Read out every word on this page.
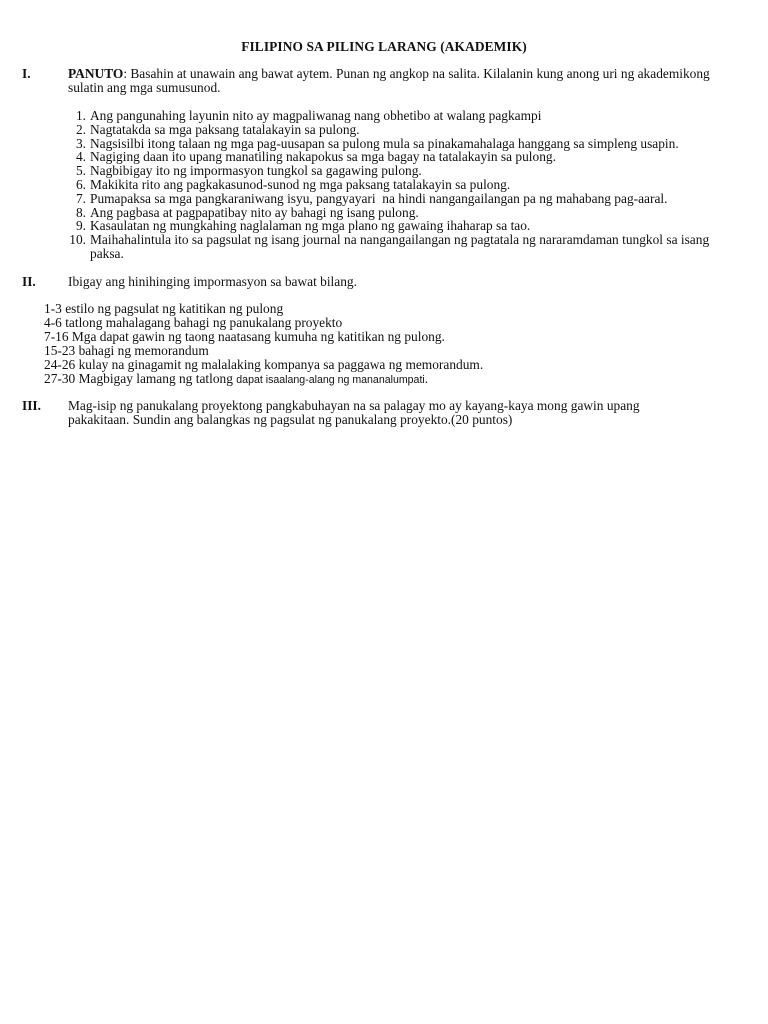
FILIPINO SA PILING LARANG (AKADEMIK)
I.	PANUTO: Basahin at unawain ang bawat aytem. Punan ng angkop na salita. Kilalanin kung anong uri ng akademikong sulatin ang mga sumusunod.
1. Ang pangunahing layunin nito ay magpaliwanag nang obhetibo at walang pagkampi
2. Nagtatakda sa mga paksang tatalakayin sa pulong.
3. Nagsisilbi itong talaan ng mga pag-uusapan sa pulong mula sa pinakamahalaga hanggang sa simpleng usapin.
4. Nagiging daan ito upang manatiling nakapokus sa mga bagay na tatalakayin sa pulong.
5. Nagbibigay ito ng impormasyon tungkol sa gagawing pulong.
6. Makikita rito ang pagkakasunod-sunod ng mga paksang tatalakayin sa pulong.
7. Pumapaksa sa mga pangkaraniwang isyu, pangyayari  na hindi nangangailangan pa ng mahabang pag-aaral.
8. Ang pagbasa at pagpapatibay nito ay bahagi ng isang pulong.
9. Kasaulatan ng mungkahing naglalaman ng mga plano ng gawaing ihaharap sa tao.
10. Maihahalintula ito sa pagsulat ng isang journal na nangangailangan ng pagtatala ng nararamdaman tungkol sa isang paksa.
II. Ibigay ang hinihinging impormasyon sa bawat bilang.
1-3 estilo ng pagsulat ng katitikan ng pulong
4-6 tatlong mahalagang bahagi ng panukalang proyekto
7-16 Mga dapat gawin ng taong naatasang kumuha ng katitikan ng pulong.
15-23 bahagi ng memorandum
24-26 kulay na ginagamit ng malalaking kompanya sa paggawa ng memorandum.
27-30 Magbigay lamang ng tatlong dapat isaalang-alang ng mananalumpati.
III. Mag-isip ng panukalang proyektong pangkabuhayan na sa palagay mo ay kayang-kaya mong gawin upang pakakitaan. Sundin ang balangkas ng pagsulat ng panukalang proyekto.(20 puntos)
